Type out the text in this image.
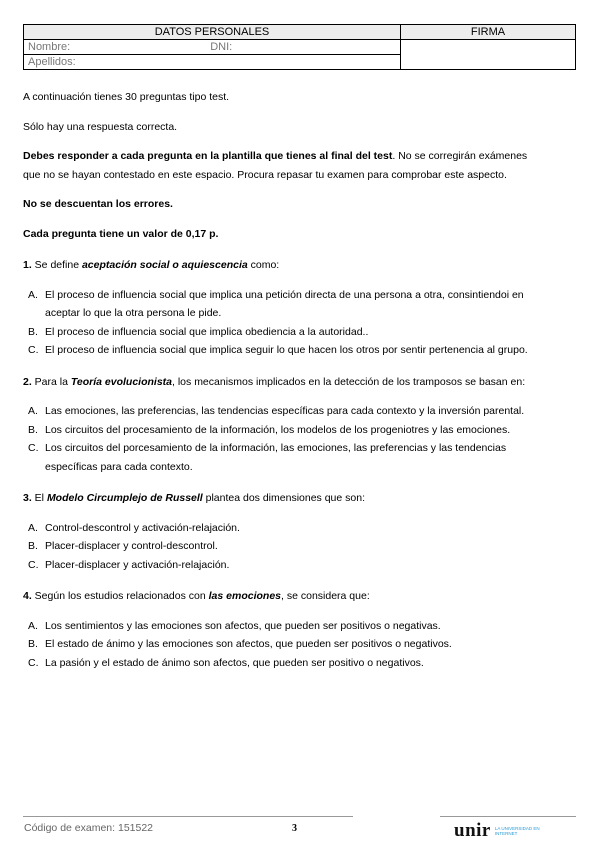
DATOS PERSONALES	FIRMA
Nombre: DNI:	
Apellidos:	

A continuación tienes 30 preguntas tipo test.

Sólo hay una respuesta correcta.

Debes responder a cada pregunta en la plantilla que tienes al final del test. No se corregirán exámenes que no se hayan contestado en este espacio. Procura repasar tu examen para comprobar este aspecto.

No se descuentan los errores.

Cada pregunta tiene un valor de 0,17 p.

1. Se define aceptación social o aquiescencia como:

A. El proceso de influencia social que implica una petición directa de una persona a otra, consintiendoi en aceptar lo que la otra persona le pide.
B. El proceso de influencia social que implica obediencia a la autoridad..
C. El proceso de influencia social que implica seguir lo que hacen los otros por sentir pertenencia al grupo.

2. Para la Teoría evolucionista, los mecanismos implicados en la detección de los tramposos se basan en:

A. Las emociones, las preferencias, las tendencias específicas para cada contexto y la inversión parental.
B. Los circuitos del procesamiento de la información, los modelos de los progeniotres y las emociones.
C. Los circuitos del porcesamiento de la información, las emociones, las preferencias y las tendencias específicas para cada contexto.

3. El Modelo Circumplejo de Russell plantea dos dimensiones que son:

A. Control-descontrol y activación-relajación.
B. Placer-displacer y control-descontrol.
C. Placer-displacer y activación-relajación.

4. Según los estudios relacionados con las emociones, se considera que:

A. Los sentimientos y las emociones son afectos, que pueden ser positivos o negativas.
B. El estado de ánimo y las emociones son afectos, que pueden ser positivos o negativos.
C. La pasión y el estado de ánimo son afectos, que pueden ser positivo o negativos.
Código de examen: 151522	3	unir LA UNIVERSIDAD EN INTERNET
